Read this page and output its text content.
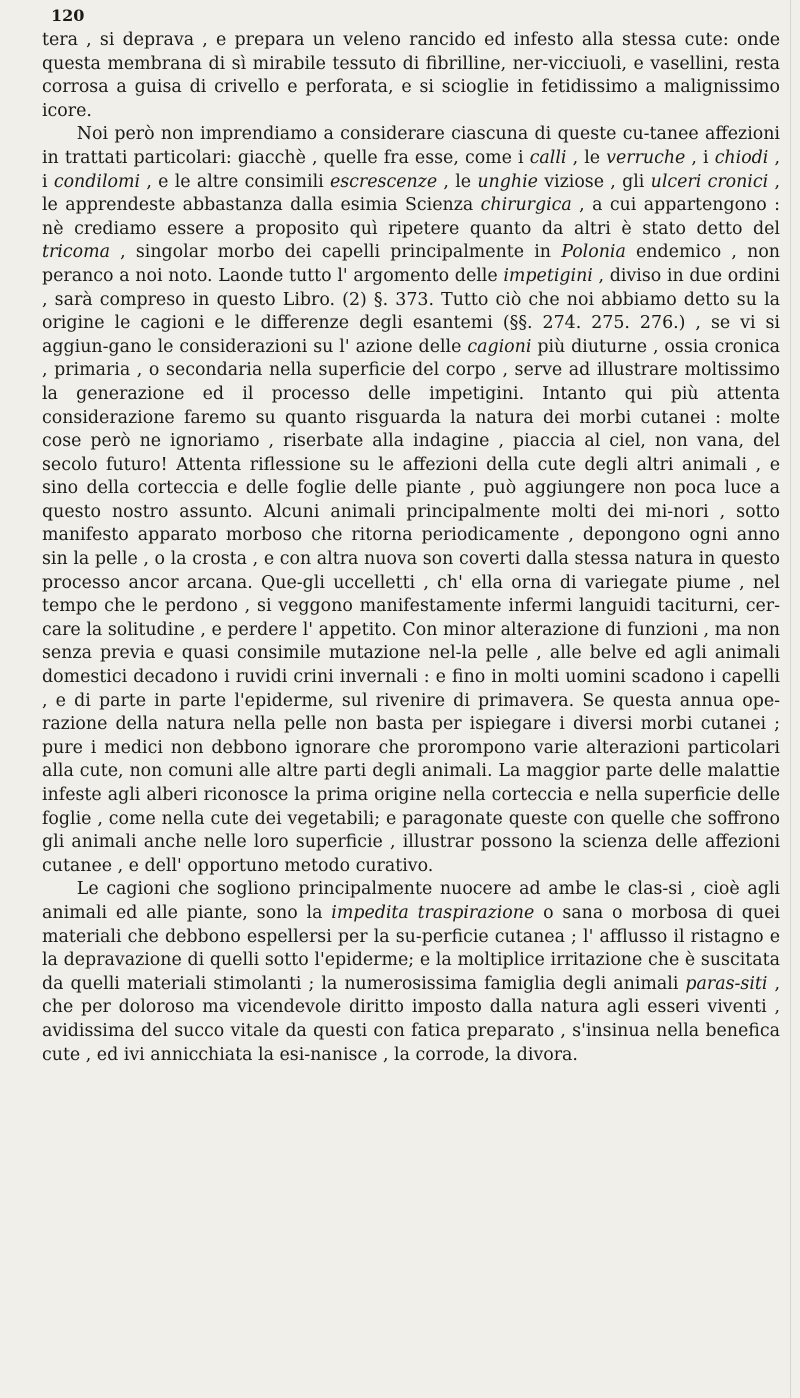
120

tera , si deprava , e prepara un veleno rancido ed infesto alla stessa cute: onde questa membrana di sì mirabile tessuto di fibrilline, ner-vicciuoli, e vasellini, resta corrosa a guisa di crivello e perforata, e si scioglie in fetidissimo a malignissimo icore.

Noi però non imprendiamo a considerare ciascuna di queste cu-tanee affezioni in trattati particolari: giacchè , quelle fra esse, come i calli , le verruche , i chiodi , i condilomi , e le altre consimili escrescenze , le unghie viziose , gli ulceri cronici , le apprendeste abbastanza dalla esimia Scienza chirurgica , a cui appartengono : nè crediamo essere a proposito quì ripetere quanto da altri è stato detto del tricoma , singolar morbo dei capelli principalmente in Polonia endemico , non peranco a noi noto. Laonde tutto l' argomento delle impetigini , diviso in due ordini , sarà compreso in questo Libro. (2) §. 373. Tutto ciò che noi abbiamo detto su la origine le cagioni e le differenze degli esantemi (§§. 274. 275. 276.) , se vi si aggiun-gano le considerazioni su l' azione delle cagioni più diuturne , ossia cronica , primaria , o secondaria nella superficie del corpo , serve ad illustrare moltissimo la generazione ed il processo delle impetigini. Intanto qui più attenta considerazione faremo su quanto risguarda la natura dei morbi cutanei : molte cose però ne ignoriamo , riserbate alla indagine , piaccia al ciel, non vana, del secolo futuro! Attenta riflessione su le affezioni della cute degli altri animali , e sino della corteccia e delle foglie delle piante , può aggiungere non poca luce a questo nostro assunto. Alcuni animali principalmente molti dei mi-nori , sotto manifesto apparato morboso che ritorna periodicamente , depongono ogni anno sin la pelle , o la crosta , e con altra nuova son coverti dalla stessa natura in questo processo ancor arcana. Que-gli uccelletti , ch' ella orna di variegate piume , nel tempo che le perdono , si veggono manifestamente infermi languidi taciturni, cer-care la solitudine , e perdere l' appetito. Con minor alterazione di funzioni , ma non senza previa e quasi consimile mutazione nel-la pelle , alle belve ed agli animali domestici decadono i ruvidi crini invernali : e fino in molti uomini scadono i capelli , e di parte in parte l'epiderme, sul rivenire di primavera. Se questa annua ope-razione della natura nella pelle non basta per ispiegare i diversi morbi cutanei ; pure i medici non debbono ignorare che prorompono varie alterazioni particolari alla cute, non comuni alle altre parti degli animali. La maggior parte delle malattie infeste agli alberi riconosce la prima origine nella corteccia e nella superficie delle foglie , come nella cute dei vegetabili; e paragonate queste con quelle che soffrono gli animali anche nelle loro superficie , illustrar possono la scienza delle affezioni cutanee , e dell' opportuno metodo curativo.

Le cagioni che sogliono principalmente nuocere ad ambe le clas-si , cioè agli animali ed alle piante, sono la impedita traspirazione o sana o morbosa di quei materiali che debbono espellersi per la su-perficie cutanea ; l' afflusso il ristagno e la depravazione di quelli sotto l'epiderme; e la moltiplice irritazione che è suscitata da quelli materiali stimolanti ; la numerosissima famiglia degli animali paras-siti , che per doloroso ma vicendevole diritto imposto dalla natura agli esseri viventi , avidissima del succo vitale da questi con fatica preparato , s'insinua nella benefica cute , ed ivi annicchiata la esi-nanisce , la corrode, la divora.
